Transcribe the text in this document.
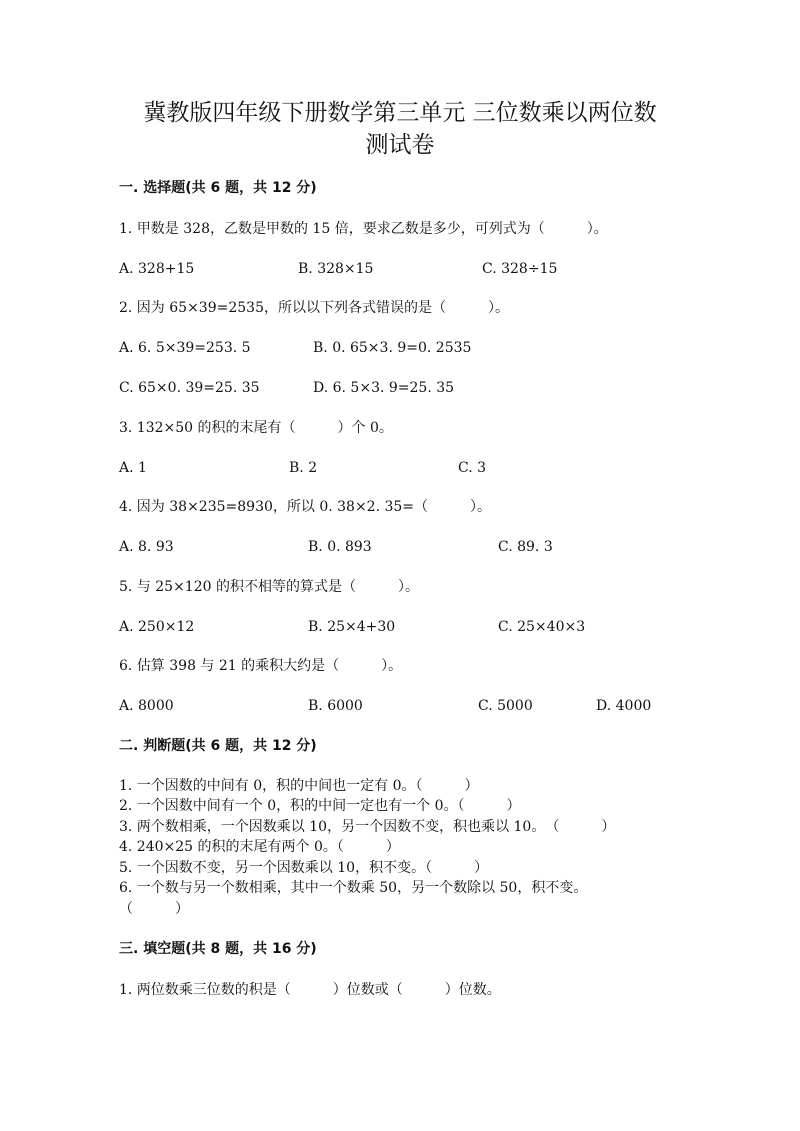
冀教版四年级下册数学第三单元 三位数乘以两位数
测试卷
一. 选择题(共 6 题，共 12 分)
1. 甲数是 328，乙数是甲数的 15 倍，要求乙数是多少，可列式为（　　　）。
A. 328+15	B. 328×15	C. 328÷15
2. 因为 65×39=2535，所以以下列各式错误的是（　　　）。
A. 6. 5×39=253. 5	B. 0. 65×3. 9=0. 2535
C. 65×0. 39=25. 35	D. 6. 5×3. 9=25. 35
3. 132×50 的积的末尾有（　　　）个 0。
A. 1	B. 2	C. 3
4. 因为 38×235=8930，所以 0. 38×2. 35=（　　　）。
A. 8. 93	B. 0. 893	C. 89. 3
5. 与 25×120 的积不相等的算式是（　　　）。
A. 250×12	B. 25×4+30	C. 25×40×3
6. 估算 398 与 21 的乘积大约是（　　　）。
A. 8000	B. 6000	C. 5000	D. 4000
二. 判断题(共 6 题，共 12 分)
1. 一个因数的中间有 0，积的中间也一定有 0。（　　　）
2. 一个因数中间有一个 0，积的中间一定也有一个 0。（　　　）
3. 两个数相乘，一个因数乘以 10，另一个因数不变，积也乘以 10。　（　　　）
4. 240×25 的积的末尾有两个 0。（　　　）
5. 一个因数不变，另一个因数乘以 10，积不变。（　　　）
6. 一个数与另一个数相乘，其中一个数乘 50，另一个数除以 50，积不变。
（　　　）
三. 填空题(共 8 题，共 16 分)
1. 两位数乘三位数的积是（　　　）位数或（　　　）位数。
